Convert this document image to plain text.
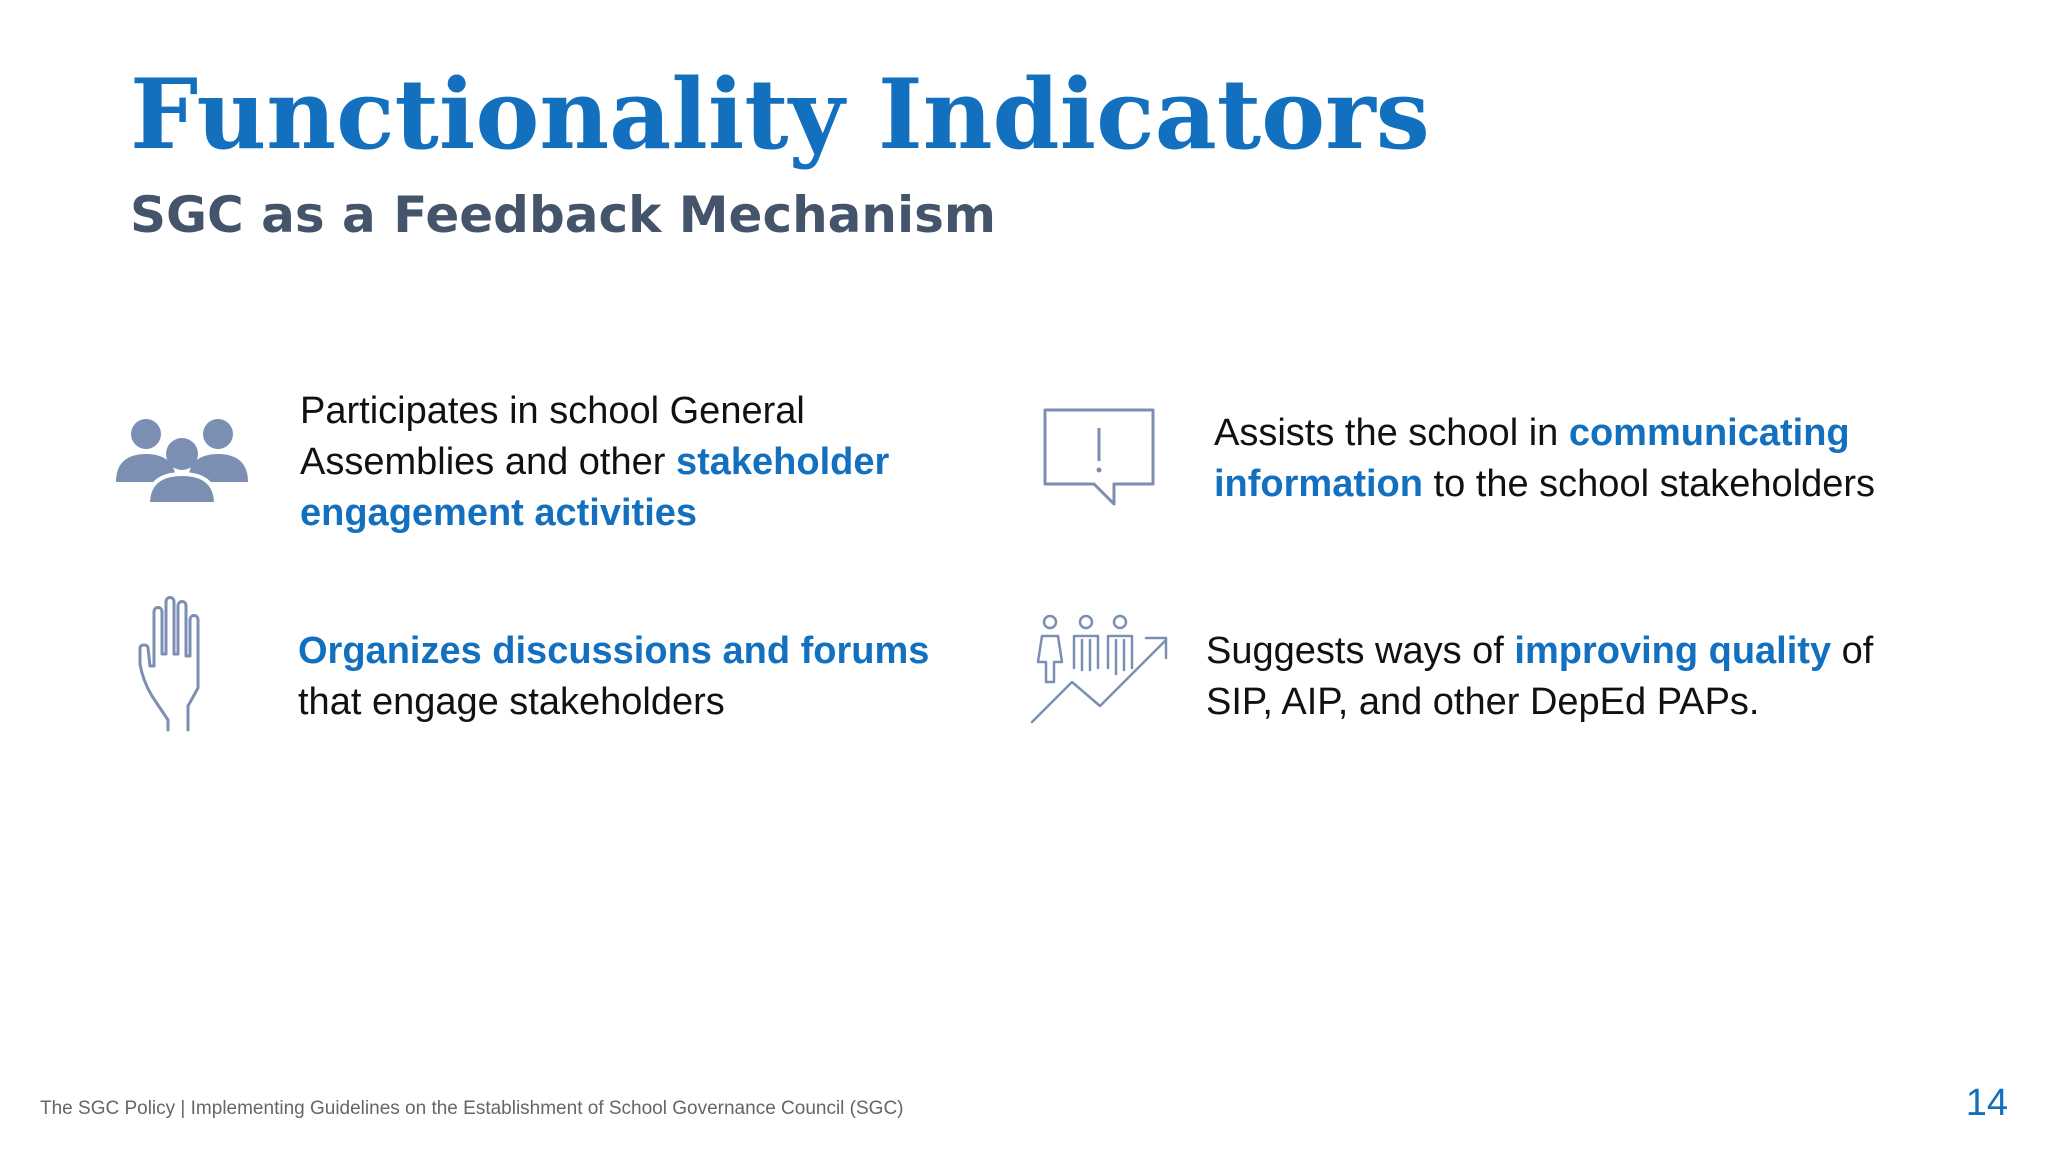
Functionality Indicators
SGC as a Feedback Mechanism

Participates in school General Assemblies and other stakeholder engagement activities

Assists the school in communicating information to the school stakeholders

Organizes discussions and forums that engage stakeholders

Suggests ways of improving quality of SIP, AIP, and other DepEd PAPs.

The SGC Policy | Implementing Guidelines on the Establishment of School Governance Council (SGC)	14
